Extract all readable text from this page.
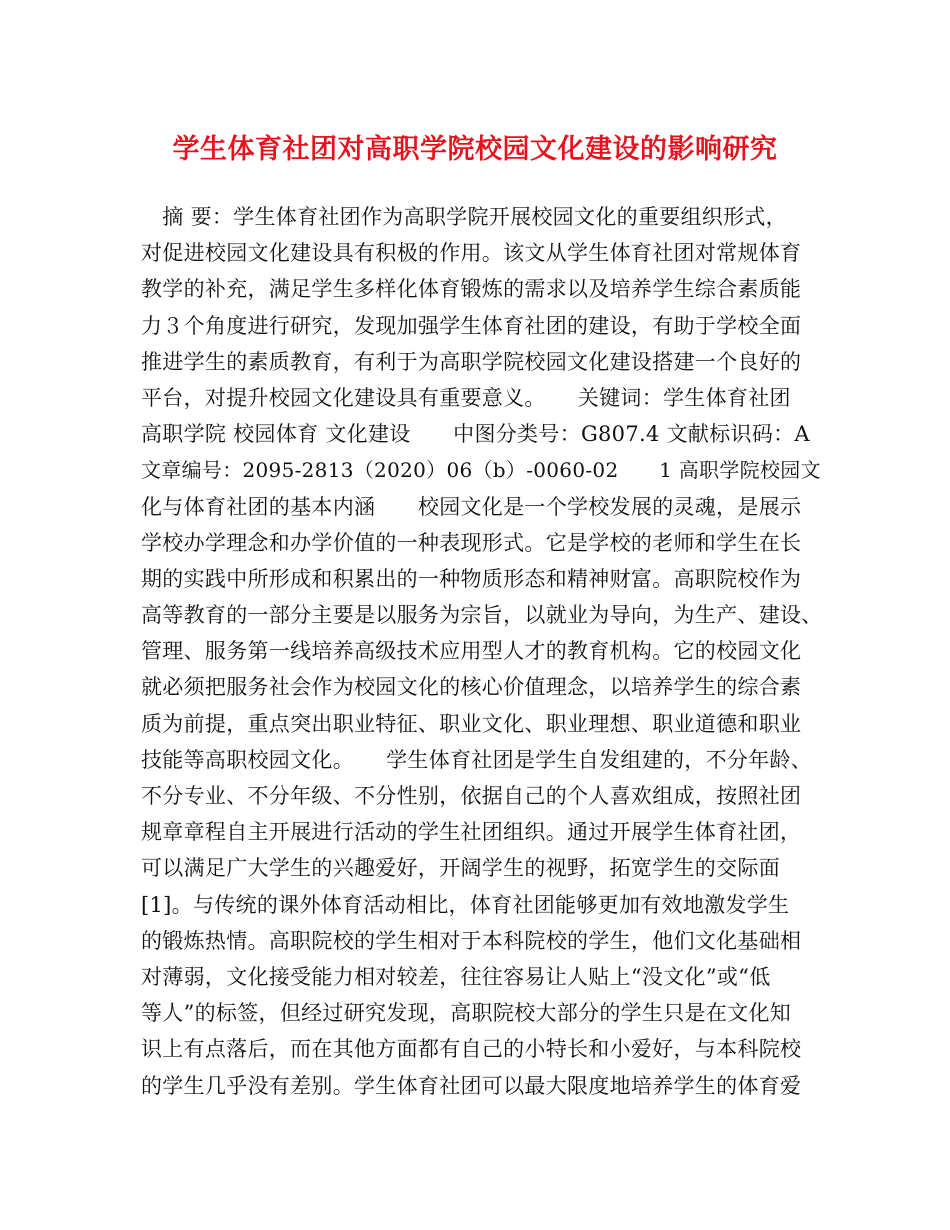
学生体育社团对高职学院校园文化建设的影响研究
　摘 要：学生体育社团作为高职学院开展校园文化的重要组织形式，
对促进校园文化建设具有积极的作用。该文从学生体育社团对常规体育
教学的补充，满足学生多样化体育锻炼的需求以及培养学生综合素质能
力３个角度进行研究，发现加强学生体育社团的建设，有助于学校全面
推进学生的素质教育，有利于为高职学院校园文化建设搭建一个良好的
平台，对提升校园文化建设具有重要意义。　　关键词：学生体育社团
高职学院 校园体育 文化建设　　中图分类号：G807.4 文献标识码：A
文章编号：2095-2813（2020）06（b）-0060-02　　1 高职学院校园文
化与体育社团的基本内涵　　校园文化是一个学校发展的灵魂，是展示
学校办学理念和办学价值的一种表现形式。它是学校的老师和学生在长
期的实践中所形成和积累出的一种物质形态和精神财富。高职院校作为
高等教育的一部分主要是以服务为宗旨，以就业为导向，为生产、建设、
管理、服务第一线培养高级技术应用型人才的教育机构。它的校园文化
就必须把服务社会作为校园文化的核心价值理念，以培养学生的综合素
质为前提，重点突出职业特征、职业文化、职业理想、职业道德和职业
技能等高职校园文化。　　学生体育社团是学生自发组建的，不分年龄、
不分专业、不分年级、不分性别，依据自己的个人喜欢组成，按照社团
规章章程自主开展进行活动的学生社团组织。通过开展学生体育社团，
可以满足广大学生的兴趣爱好，开阔学生的视野，拓宽学生的交际面
[1]。与传统的课外体育活动相比，体育社团能够更加有效地激发学生
的锻炼热情。高职院校的学生相对于本科院校的学生，他们文化基础相
对薄弱，文化接受能力相对较差，往往容易让人贴上“没文化”或“低
等人”的标签，但经过研究发现，高职院校大部分的学生只是在文化知
识上有点落后，而在其他方面都有自己的小特长和小爱好，与本科院校
的学生几乎没有差别。学生体育社团可以最大限度地培养学生的体育爱
